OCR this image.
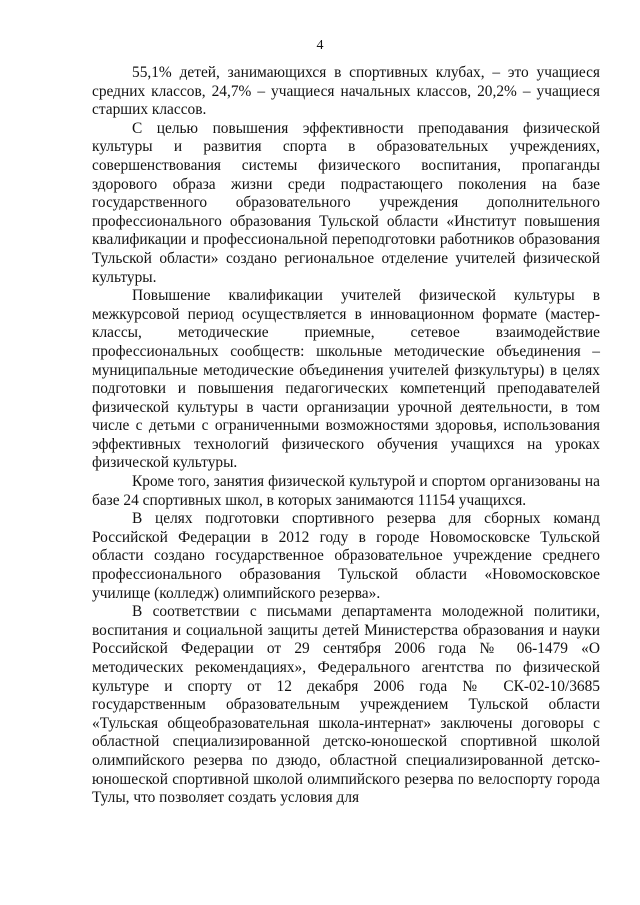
4

55,1% детей, занимающихся в спортивных клубах, – это учащиеся средних классов, 24,7% – учащиеся начальных классов, 20,2% – учащиеся старших классов.

С целью повышения эффективности преподавания физической культуры и развития спорта в образовательных учреждениях, совершенствования системы физического воспитания, пропаганды здорового образа жизни среди подрастающего поколения на базе государственного образовательного учреждения дополнительного профессионального образования Тульской области «Институт повышения квалификации и профессиональной переподготовки работников образования Тульской области» создано региональное отделение учителей физической культуры.

Повышение квалификации учителей физической культуры в межкурсовой период осуществляется в инновационном формате (мастер-классы, методические приемные, сетевое взаимодействие профессиональных сообществ: школьные методические объединения – муниципальные методические объединения учителей физкультуры) в целях подготовки и повышения педагогических компетенций преподавателей физической культуры в части организации урочной деятельности, в том числе с детьми с ограниченными возможностями здоровья, использования эффективных технологий физического обучения учащихся на уроках физической культуры.

Кроме того, занятия физической культурой и спортом организованы на базе 24 спортивных школ, в которых занимаются 11154 учащихся.

В целях подготовки спортивного резерва для сборных команд Российской Федерации в 2012 году в городе Новомосковске Тульской области создано государственное образовательное учреждение среднего профессионального образования Тульской области «Новомосковское училище (колледж) олимпийского резерва».

В соответствии с письмами департамента молодежной политики, воспитания и социальной защиты детей Министерства образования и науки Российской Федерации от 29 сентября 2006 года № 06-1479 «О методических рекомендациях», Федерального агентства по физической культуре и спорту от 12 декабря 2006 года № СК-02-10/3685 государственным образовательным учреждением Тульской области «Тульская общеобразовательная школа-интернат» заключены договоры с областной специализированной детско-юношеской спортивной школой олимпийского резерва по дзюдо, областной специализированной детско-юношеской спортивной школой олимпийского резерва по велоспорту города Тулы, что позволяет создать условия для
